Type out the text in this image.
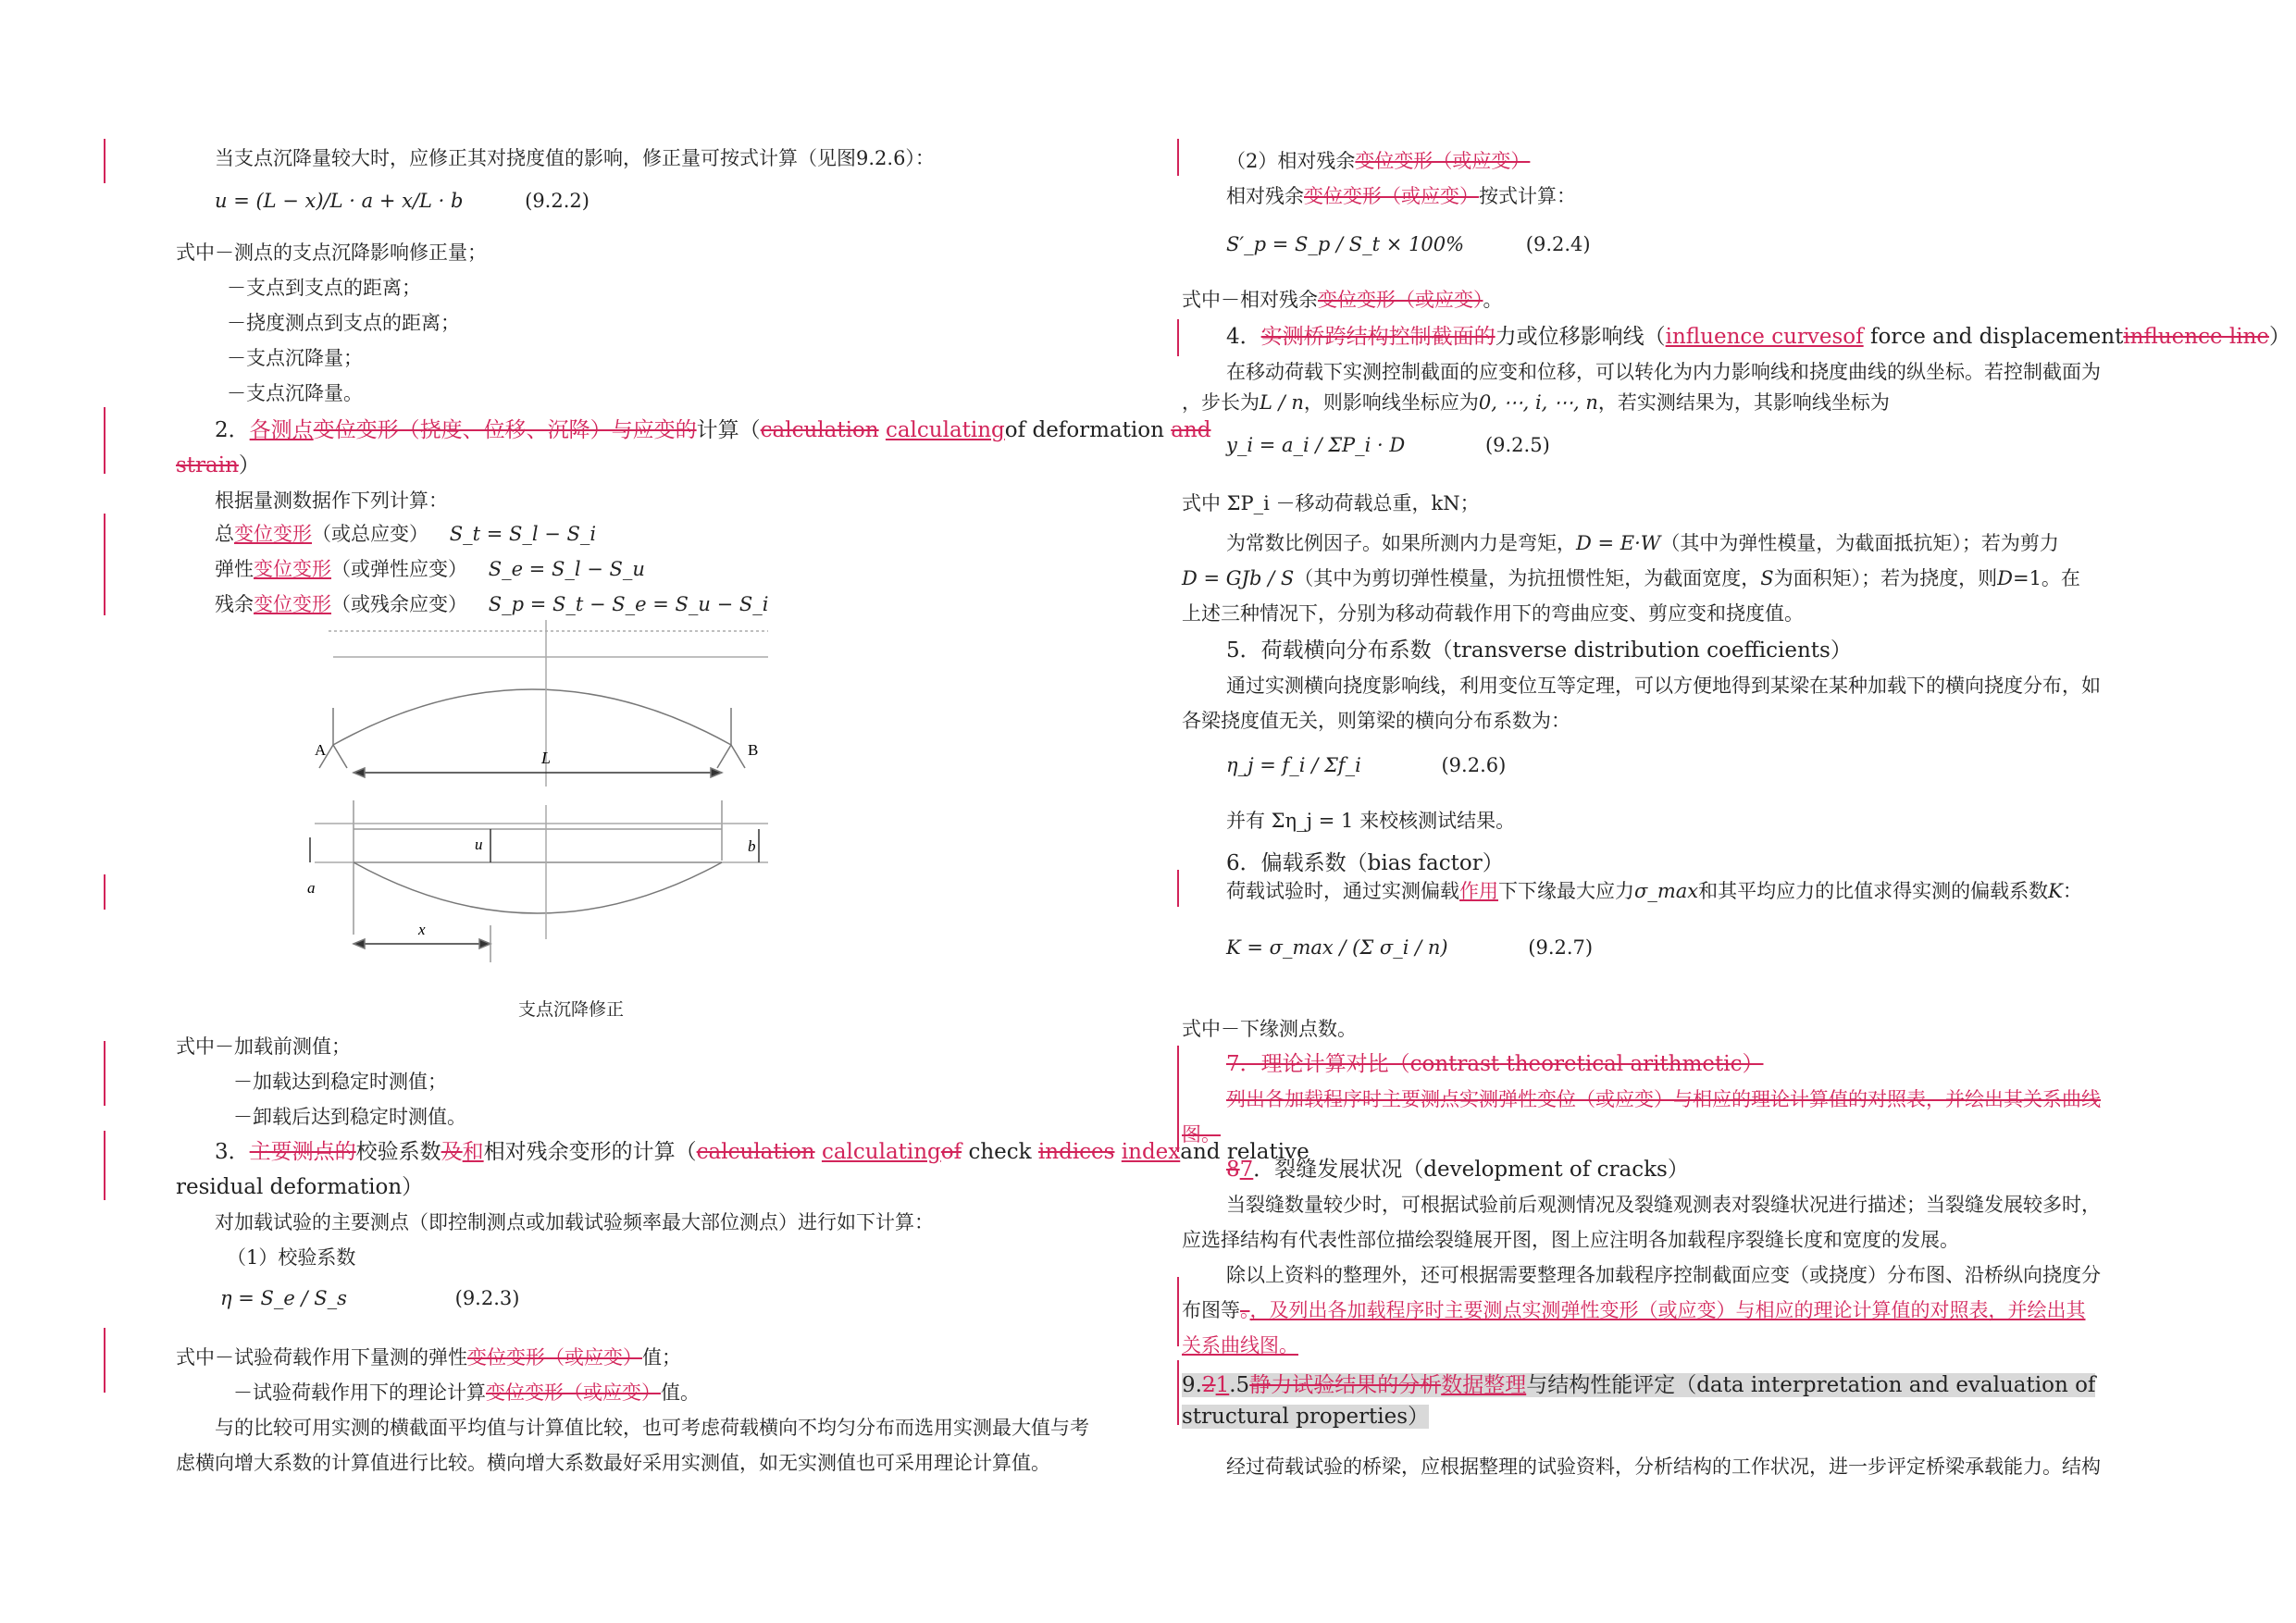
当支点沉降量较大时，应修正其对挠度值的影响，修正量可按式计算（见图9.2.6）：
u = (L − x)/L · a + x/L · b	(9.2.2)
式中－测点的支点沉降影响修正量；
－支点到支点的距离；
－挠度测点到支点的距离；
－支点沉降量；
－支点沉降量。
2．各测点变位变形（挠度、位移、沉降）与应变的计算（calculation calculatingof deformation and
strain）
根据量测数据作下列计算：
总变位变形（或总应变） S_t = S_l − S_i
弹性变位变形（或弹性应变） S_e = S_l − S_u
残余变位变形（或残余应变） S_p = S_t − S_e = S_u − S_i
A	B
L
u
a
b
x
支点沉降修正
式中－加载前测值；
－加载达到稳定时测值；
－卸载后达到稳定时测值。
3．主要测点的校验系数及和相对残余变形的计算（calculation calculatingof check indices indexand relative
residual deformation）
对加载试验的主要测点（即控制测点或加载试验频率最大部位测点）进行如下计算：
（1）校验系数
η = S_e / S_s	(9.2.3)
式中－试验荷载作用下量测的弹性变位变形（或应变）值；
－试验荷载作用下的理论计算变位变形（或应变）值。
与的比较可用实测的横截面平均值与计算值比较，也可考虑荷载横向不均匀分布而选用实测最大值与考
虑横向增大系数的计算值进行比较。横向增大系数最好采用实测值，如无实测值也可采用理论计算值。
（2）相对残余变位变形（或应变）
相对残余变位变形（或应变）按式计算：
S′_p = S_p / S_t × 100%	(9.2.4)
式中－相对残余变位变形（或应变）。
4．实测桥跨结构控制截面的力或位移影响线（influence curvesof force and displacementinfluence line）
在移动荷载下实测控制截面的应变和位移，可以转化为内力影响线和挠度曲线的纵坐标。若控制截面为
，步长为L / n，则影响线坐标应为0, ⋯, i, ⋯, n，若实测结果为，其影响线坐标为
y_i = a_i / ΣP_i · D	(9.2.5)
式中 ΣP_i －移动荷载总重，kN；
为常数比例因子。如果所测内力是弯矩，D = E·W（其中为弹性模量，为截面抵抗矩）；若为剪力
D = GJb / S（其中为剪切弹性模量，为抗扭惯性矩，为截面宽度，S为面积矩）；若为挠度，则D=1。在
上述三种情况下，分别为移动荷载作用下的弯曲应变、剪应变和挠度值。
5．荷载横向分布系数（transverse distribution coefficients）
通过实测横向挠度影响线，利用变位互等定理，可以方便地得到某梁在某种加载下的横向挠度分布，如
各梁挠度值无关，则第梁的横向分布系数为：
η_j = f_i / Σf_i	(9.2.6)
并有 Ση_j = 1 来校核测试结果。
6．偏载系数（bias factor）
荷载试验时，通过实测偏载作用下下缘最大应力σ_max和其平均应力的比值求得实测的偏载系数K：
K = σ_max / (Σ σ_i / n)	(9.2.7)
式中－下缘测点数。
7．理论计算对比（contrast theoretical arithmetic）
列出各加载程序时主要测点实测弹性变位（或应变）与相应的理论计算值的对照表，并绘出其关系曲线
图。
87．裂缝发展状况（development of cracks）
当裂缝数量较少时，可根据试验前后观测情况及裂缝观测表对裂缝状况进行描述；当裂缝发展较多时，
应选择结构有代表性部位描绘裂缝展开图，图上应注明各加载程序裂缝长度和宽度的发展。
除以上资料的整理外，还可根据需要整理各加载程序控制截面应变（或挠度）分布图、沿桥纵向挠度分
布图等。，及列出各加载程序时主要测点实测弹性变形（或应变）与相应的理论计算值的对照表，并绘出其
关系曲线图。
9.21.5静力试验结果的分析数据整理与结构性能评定（data interpretation and evaluation of
structural properties）
经过荷载试验的桥梁，应根据整理的试验资料，分析结构的工作状况，进一步评定桥梁承载能力。结构
